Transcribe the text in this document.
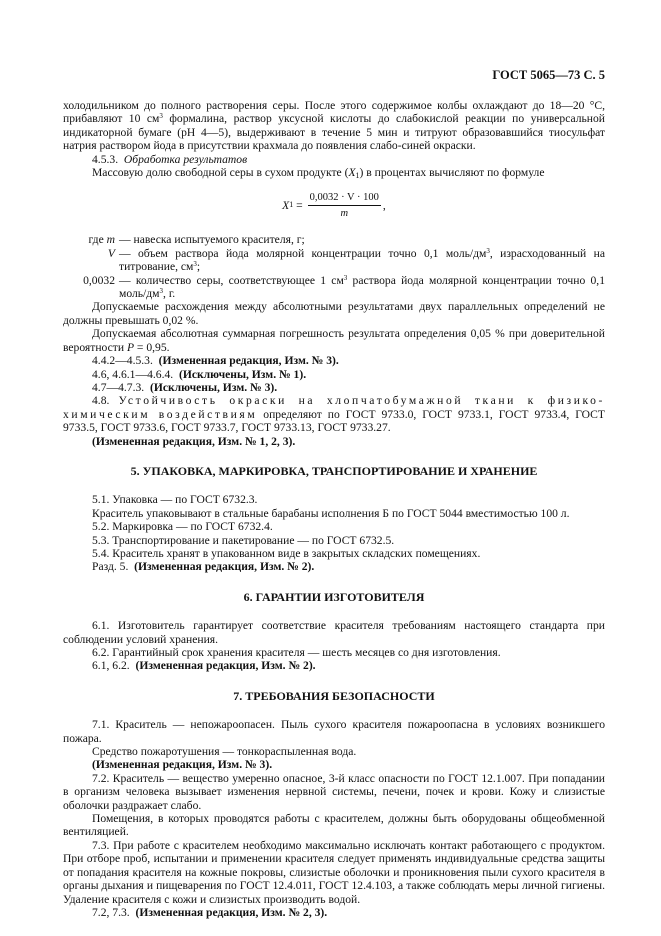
ГОСТ 5065—73 С. 5

холодильником до полного растворения серы. После этого содержимое колбы охлаждают до 18—20 °С, прибавляют 10 $см^3$ формалина, раствор уксусной кислоты до слабокислой реакции по универсальной индикаторной бумаге (рН 4—5), выдерживают в течение 5 мин и титруют образовавшийся тиосульфат натрия раствором йода в присутствии крахмала до появления слабо-синей окраски.

4.5.3. Обработка результатов

Массовую долю свободной серы в сухом продукте $(X_1)$ в процентах вычисляют по формуле

X $1 = \frac{0,0032 \cdot V \cdot 100}{m}$ ,
где m — навеска испытуемого красителя, г;
V — объем раствора йода молярной концентрации точно 0,1 моль/$дм^3$, израсходованный на титрование, $см^3$;
0,0032 — количество серы, соответствующее 1 $см^3$ раствора йода молярной концентрации точно 0,1 моль/$дм^3$, г.

Допускаемые расхождения между абсолютными результатами двух параллельных определений не должны превышать 0,02 %.

Допускаемая абсолютная суммарная погрешность результата определения 0,05 % при доверительной вероятности P = 0,95.

4.4.2—4.5.3. (Измененная редакция, Изм. № 3).

4.6, 4.6.1—4.6.4. (Исключены, Изм. № 1).

4.7—4.7.3. (Исключены, Изм. № 3).

4.8. Устойчивость окраски на хлопчатобумажной ткани к физико-химическим воздействиям определяют по ГОСТ 9733.0, ГОСТ 9733.1, ГОСТ 9733.4, ГОСТ 9733.5, ГОСТ 9733.6, ГОСТ 9733.7, ГОСТ 9733.13, ГОСТ 9733.27.

(Измененная редакция, Изм. № 1, 2, 3).

5. УПАКОВКА, МАРКИРОВКА, ТРАНСПОРТИРОВАНИЕ И ХРАНЕНИЕ

5.1. Упаковка — по ГОСТ 6732.3.

Краситель упаковывают в стальные барабаны исполнения Б по ГОСТ 5044 вместимостью 100 л.

5.2. Маркировка — по ГОСТ 6732.4.

5.3. Транспортирование и пакетирование — по ГОСТ 6732.5.

5.4. Краситель хранят в упакованном виде в закрытых складских помещениях.

Разд. 5. (Измененная редакция, Изм. № 2).

6. ГАРАНТИИ ИЗГОТОВИТЕЛЯ

6.1. Изготовитель гарантирует соответствие красителя требованиям настоящего стандарта при соблюдении условий хранения.

6.2. Гарантийный срок хранения красителя — шесть месяцев со дня изготовления.

6.1, 6.2. (Измененная редакция, Изм. № 2).

7. ТРЕБОВАНИЯ БЕЗОПАСНОСТИ

7.1. Краситель — непожароопасен. Пыль сухого красителя пожароопасна в условиях возникшего пожара.

Средство пожаротушения — тонкораспыленная вода.

(Измененная редакция, Изм. № 3).

7.2. Краситель — вещество умеренно опасное, 3-й класс опасности по ГОСТ 12.1.007. При попадании в организм человека вызывает изменения нервной системы, печени, почек и крови. Кожу и слизистые оболочки раздражает слабо.

Помещения, в которых проводятся работы с красителем, должны быть оборудованы общеобменной вентиляцией.

7.3. При работе с красителем необходимо максимально исключать контакт работающего с продуктом. При отборе проб, испытании и применении красителя следует применять индивидуальные средства защиты от попадания красителя на кожные покровы, слизистые оболочки и проникновения пыли сухого красителя в органы дыхания и пищеварения по ГОСТ 12.4.011, ГОСТ 12.4.103, а также соблюдать меры личной гигиены. Удаление красителя с кожи и слизистых производить водой.

7.2, 7.3. (Измененная редакция, Изм. № 2, 3).
